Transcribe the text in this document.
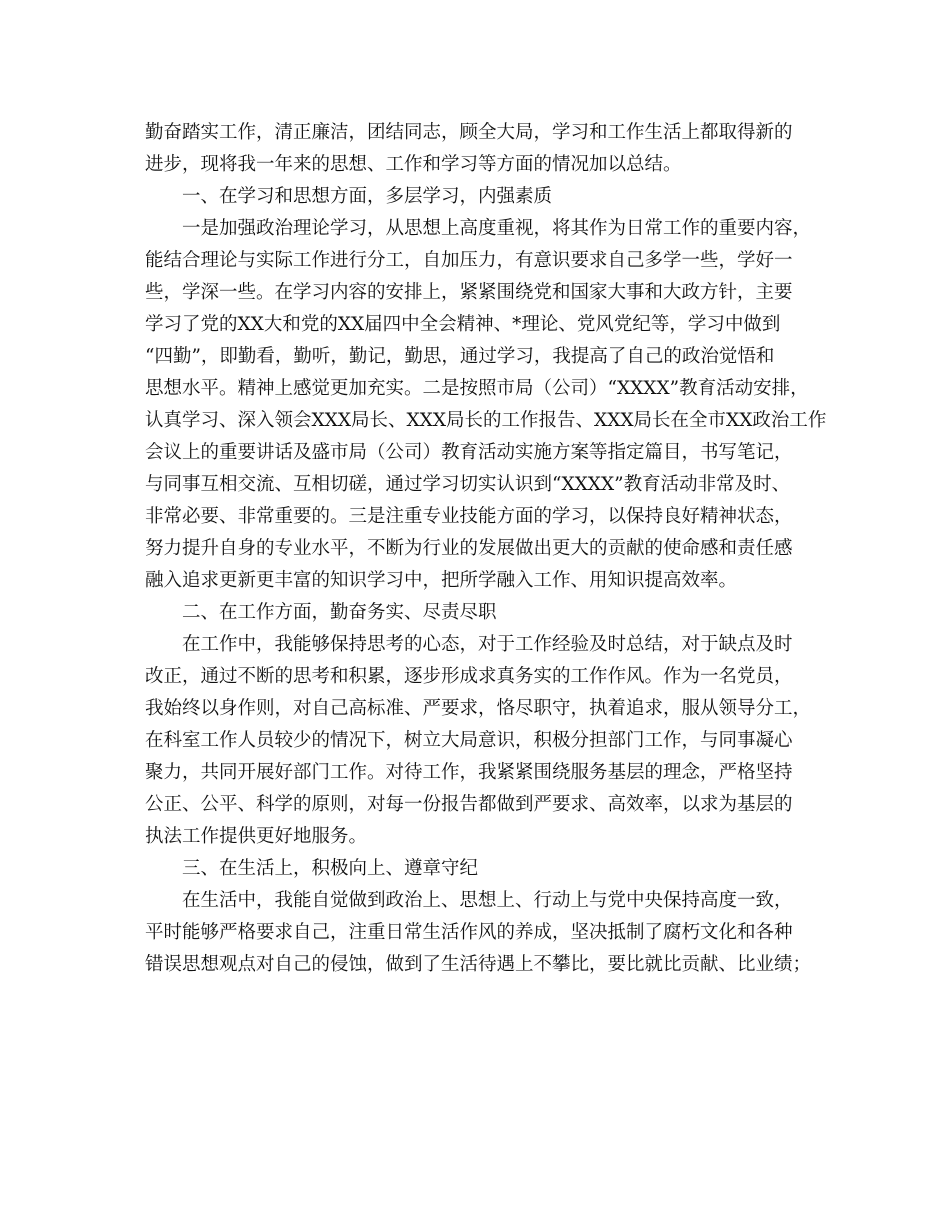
勤奋踏实工作，清正廉洁，团结同志，顾全大局，学习和工作生活上都取得新的
进步，现将我一年来的思想、工作和学习等方面的情况加以总结。
　　一、在学习和思想方面，多层学习，内强素质
　　一是加强政治理论学习，从思想上高度重视，将其作为日常工作的重要内容，
能结合理论与实际工作进行分工，自加压力，有意识要求自己多学一些，学好一
些，学深一些。在学习内容的安排上，紧紧围绕党和国家大事和大政方针，主要
学习了党的XX大和党的XX届四中全会精神、*理论、党风党纪等，学习中做到
“四勤”，即勤看，勤听，勤记，勤思，通过学习，我提高了自己的政治觉悟和
思想水平。精神上感觉更加充实。二是按照市局（公司）“XXXX”教育活动安排，
认真学习、深入领会XXX局长、XXX局长的工作报告、XXX局长在全市XX政治工作
会议上的重要讲话及盛市局（公司）教育活动实施方案等指定篇目，书写笔记，
与同事互相交流、互相切磋，通过学习切实认识到“XXXX”教育活动非常及时、
非常必要、非常重要的。三是注重专业技能方面的学习，以保持良好精神状态，
努力提升自身的专业水平，不断为行业的发展做出更大的贡献的使命感和责任感
融入追求更新更丰富的知识学习中，把所学融入工作、用知识提高效率。
　　二、在工作方面，勤奋务实、尽责尽职
　　在工作中，我能够保持思考的心态，对于工作经验及时总结，对于缺点及时
改正，通过不断的思考和积累，逐步形成求真务实的工作作风。作为一名党员，
我始终以身作则，对自己高标准、严要求，恪尽职守，执着追求，服从领导分工，
在科室工作人员较少的情况下，树立大局意识，积极分担部门工作，与同事凝心
聚力，共同开展好部门工作。对待工作，我紧紧围绕服务基层的理念，严格坚持
公正、公平、科学的原则，对每一份报告都做到严要求、高效率，以求为基层的
执法工作提供更好地服务。
　　三、在生活上，积极向上、遵章守纪
　　在生活中，我能自觉做到政治上、思想上、行动上与党中央保持高度一致，
平时能够严格要求自己，注重日常生活作风的养成，坚决抵制了腐朽文化和各种
错误思想观点对自己的侵蚀，做到了生活待遇上不攀比，要比就比贡献、比业绩；
